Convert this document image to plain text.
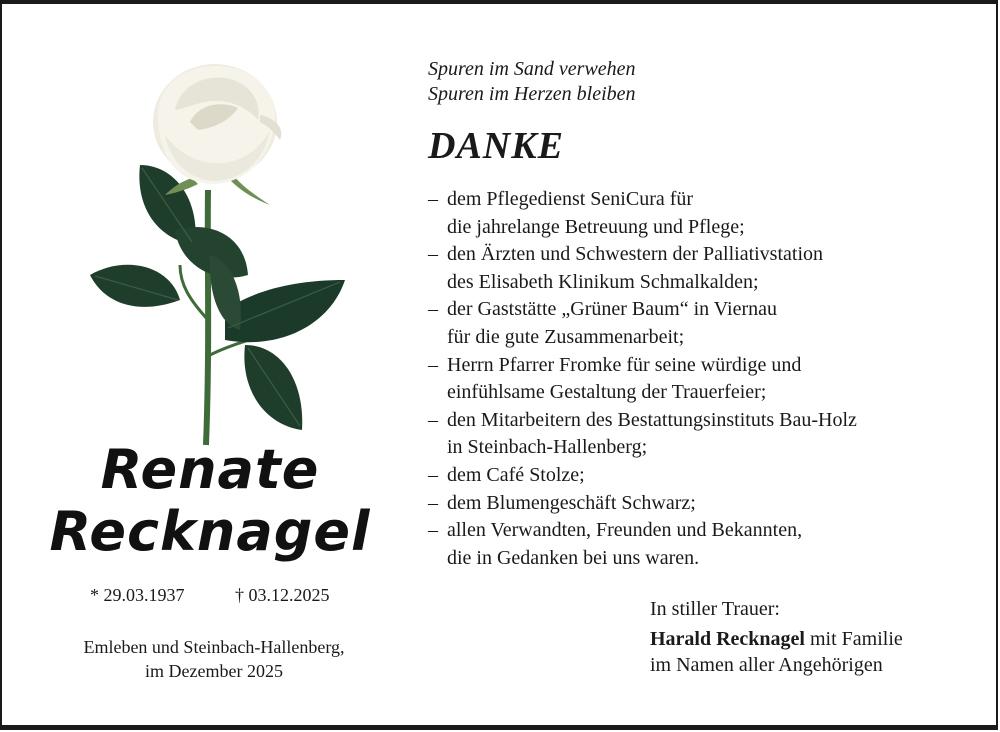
Renate
Recknagel
* 29.03.1937	† 03.12.2025
Emleben und Steinbach-Hallenberg,
im Dezember 2025
Spuren im Sand verwehen
Spuren im Herzen bleiben
DANKE
– dem Pflegedienst SeniCura für
die jahrelange Betreuung und Pflege;
– den Ärzten und Schwestern der Palliativstation
des Elisabeth Klinikum Schmalkalden;
– der Gaststätte „Grüner Baum“ in Viernau
für die gute Zusammenarbeit;
– Herrn Pfarrer Fromke für seine würdige und
einfühlsame Gestaltung der Trauerfeier;
– den Mitarbeitern des Bestattungsinstituts Bau-Holz
in Steinbach-Hallenberg;
– dem Café Stolze;
– dem Blumengeschäft Schwarz;
– allen Verwandten, Freunden und Bekannten,
die in Gedanken bei uns waren.
In stiller Trauer:
Harald Recknagel mit Familie
im Namen aller Angehörigen
